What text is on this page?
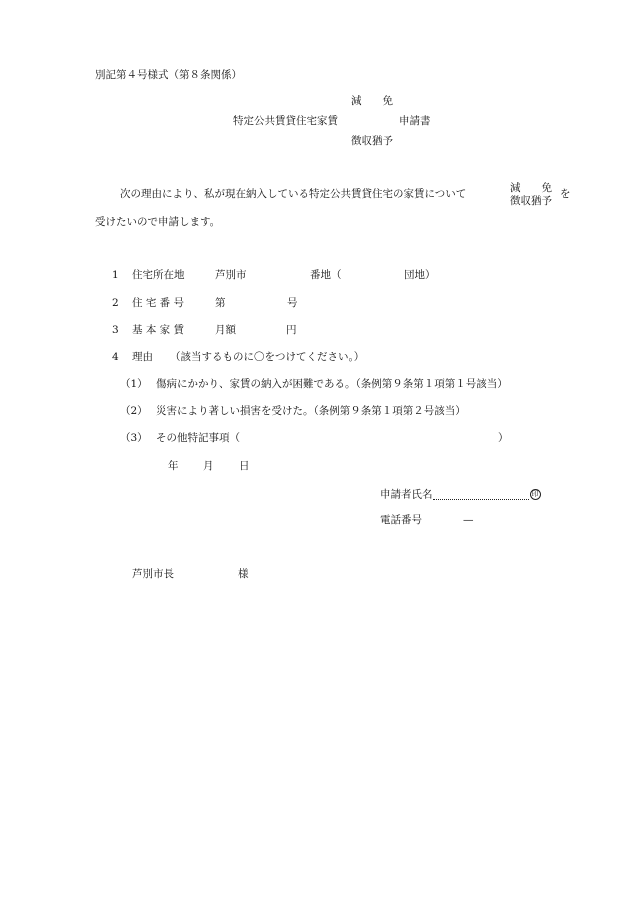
別記第４号様式（第８条関係）
減　　免
特定公共賃貸住宅家賃	申請書
徴収猶予
次の理由により、私が現在納入している特定公共賃貸住宅の家賃について	減　　免
徴収猶予
を
受けたいので申請します。
1 住宅所在地	芦別市	番地（	団地）
2 住 宅 番 号	第	号
3 基 本 家 賃	月額	円
4 理由 （該当するものに〇をつけてください。）
（1） 傷病にかかり、家賃の納入が困難である。（条例第９条第１項第１号該当）
（2） 災害により著しい損害を受けた。（条例第９条第１項第２号該当）
（3） その他特記事項（	）
年 月 日
申請者氏名	印
電話番号	—
芦別市長	様
